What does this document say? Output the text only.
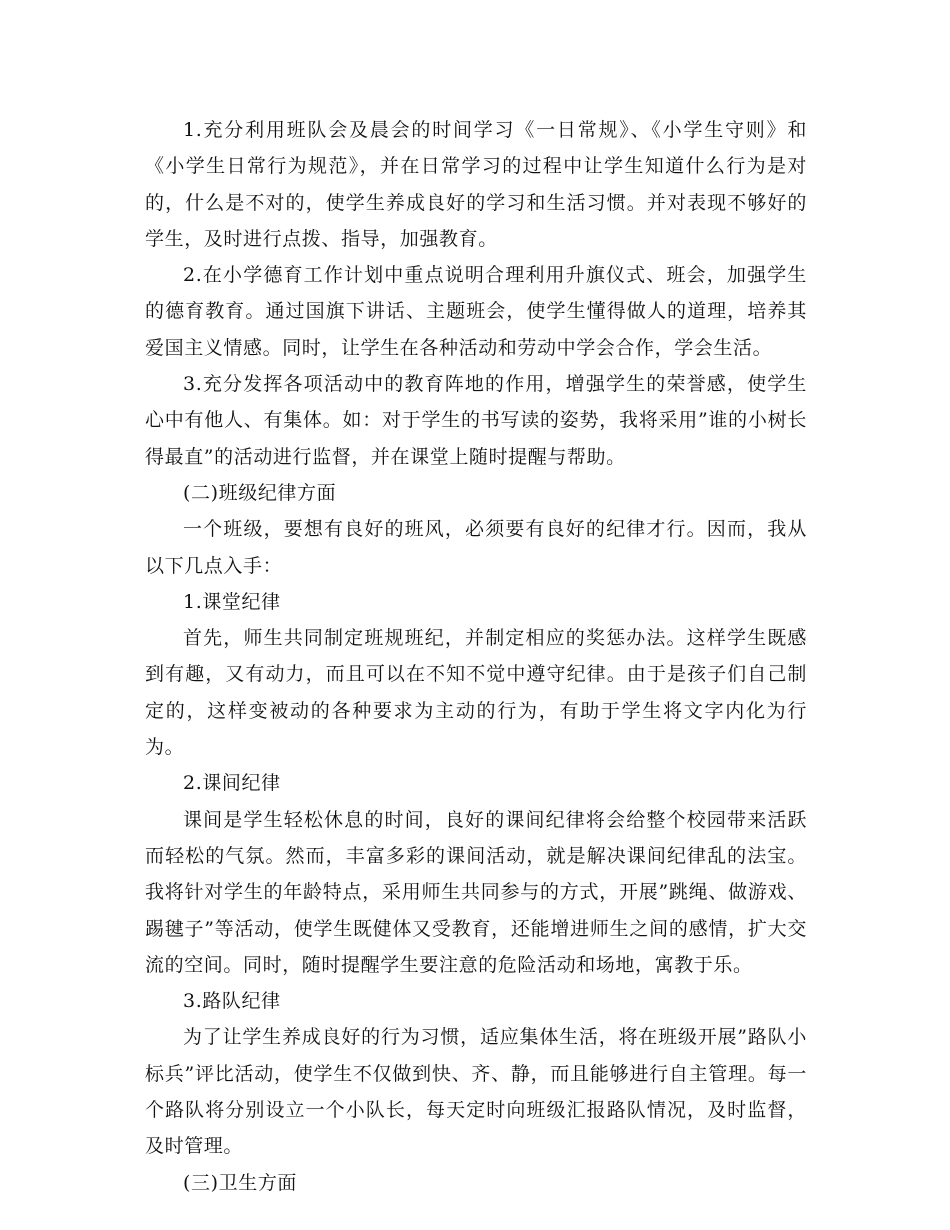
1.充分利用班队会及晨会的时间学习《一日常规》、《小学生守则》和《小学生日常行为规范》，并在日常学习的过程中让学生知道什么行为是对的，什么是不对的，使学生养成良好的学习和生活习惯。并对表现不够好的学生，及时进行点拨、指导，加强教育。

2.在小学德育工作计划中重点说明合理利用升旗仪式、班会，加强学生的德育教育。通过国旗下讲话、主题班会，使学生懂得做人的道理，培养其爱国主义情感。同时，让学生在各种活动和劳动中学会合作，学会生活。

3.充分发挥各项活动中的教育阵地的作用，增强学生的荣誉感，使学生心中有他人、有集体。如：对于学生的书写读的姿势，我将采用”谁的小树长得最直”的活动进行监督，并在课堂上随时提醒与帮助。

(二)班级纪律方面

一个班级，要想有良好的班风，必须要有良好的纪律才行。因而，我从以下几点入手：

1.课堂纪律

首先，师生共同制定班规班纪，并制定相应的奖惩办法。这样学生既感到有趣，又有动力，而且可以在不知不觉中遵守纪律。由于是孩子们自己制定的，这样变被动的各种要求为主动的行为，有助于学生将文字内化为行为。

2.课间纪律

课间是学生轻松休息的时间，良好的课间纪律将会给整个校园带来活跃而轻松的气氛。然而，丰富多彩的课间活动，就是解决课间纪律乱的法宝。我将针对学生的年龄特点，采用师生共同参与的方式，开展”跳绳、做游戏、踢毽子”等活动，使学生既健体又受教育，还能增进师生之间的感情，扩大交流的空间。同时，随时提醒学生要注意的危险活动和场地，寓教于乐。

3.路队纪律

为了让学生养成良好的行为习惯，适应集体生活，将在班级开展”路队小标兵”评比活动，使学生不仅做到快、齐、静，而且能够进行自主管理。每一个路队将分别设立一个小队长，每天定时向班级汇报路队情况，及时监督，及时管理。

(三)卫生方面
